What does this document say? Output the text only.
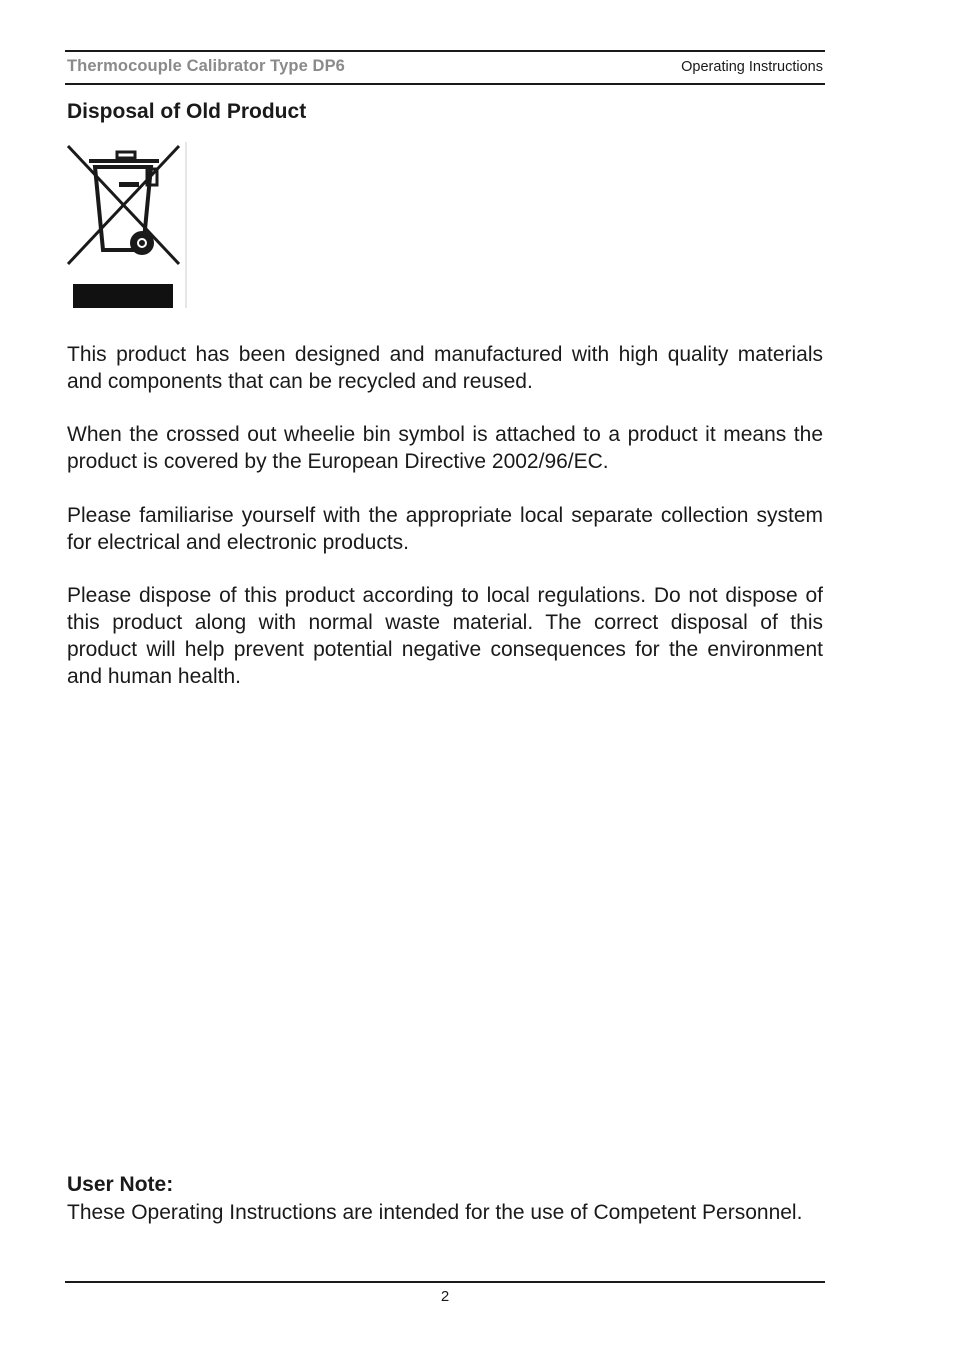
Thermocouple Calibrator Type DP6	Operating Instructions
Disposal of Old Product

This product has been designed and manufactured with high quality materials and components that can be recycled and reused.

When the crossed out wheelie bin symbol is attached to a product it means the product is covered by the European Directive 2002/96/EC.

Please familiarise yourself with the appropriate local separate collection system for electrical and electronic products.

Please dispose of this product according to local regulations. Do not dispose of this product along with normal waste material. The correct disposal of this product will help prevent potential negative consequences for the environment and human health.

User Note:

These Operating Instructions are intended for the use of Competent Personnel.

2
